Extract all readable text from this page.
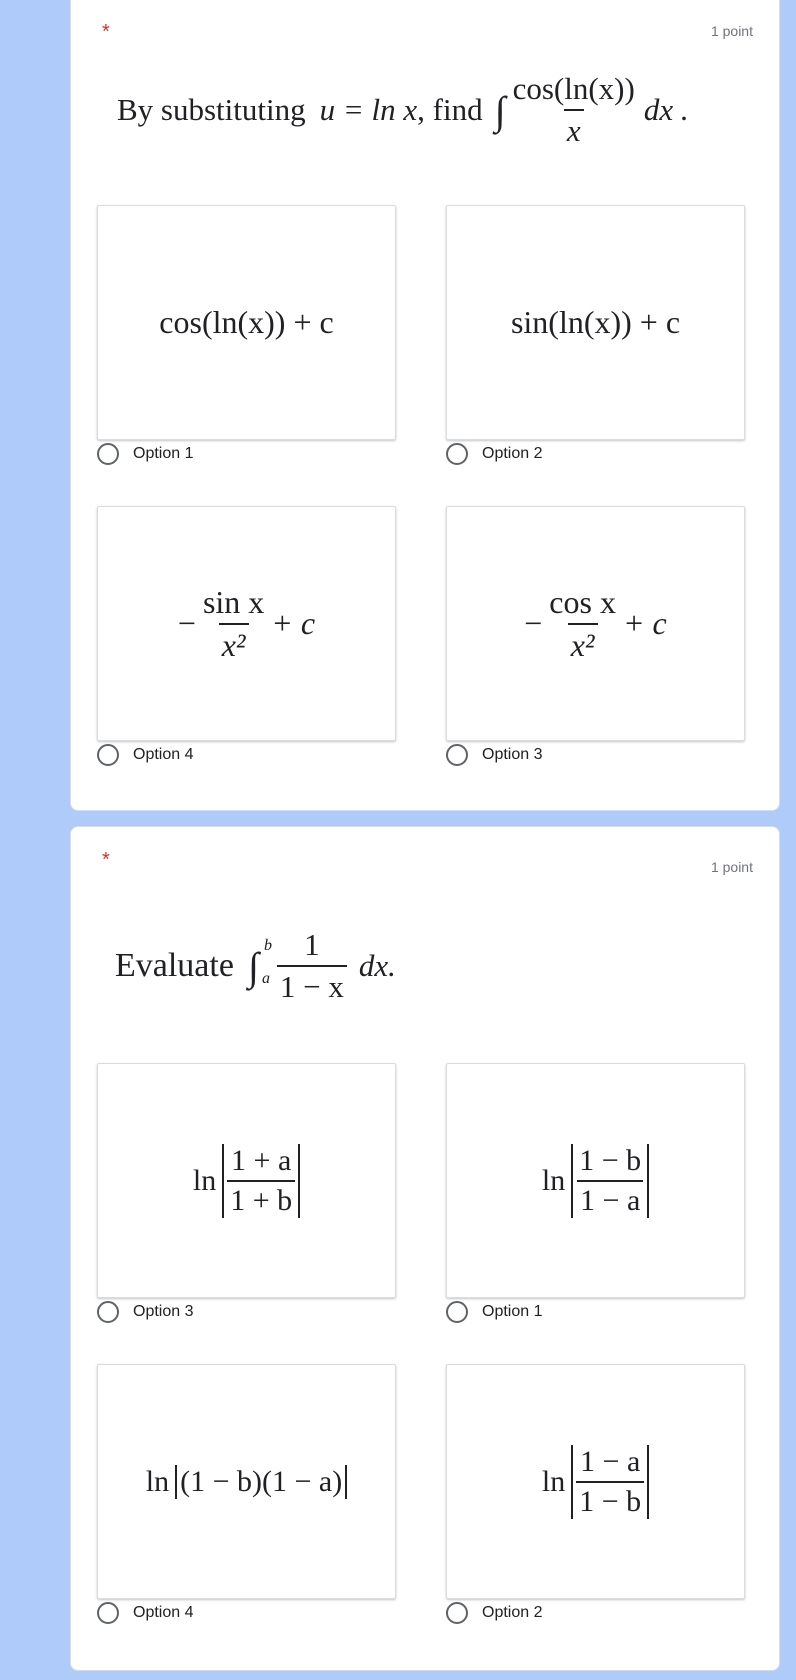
*	1 point
By substituting u = ln x , find ∫ $\frac{\cos(\ln(x))}{x}$ dx .
cos(ln(x)) + c
Option 1
sin(ln(x)) + c
Option 2
− $\frac{\text{sin x}}{\text{x²}} + c$
Option 4
− $\frac{\text{cos x}}{\text{x²}} + c$
Option 3
*	1 point
Evaluate ∫ b
a $\frac{1}{1 - x}$ dx.
$\ln \frac{1 + a}{1 + b}$
Option 3
$\ln \frac{1 - b}{1 - a}$
Option 1
ln (1 − b)(1 − a)
Option 4
$\ln \frac{1 - a}{1 - b}$
Option 2
